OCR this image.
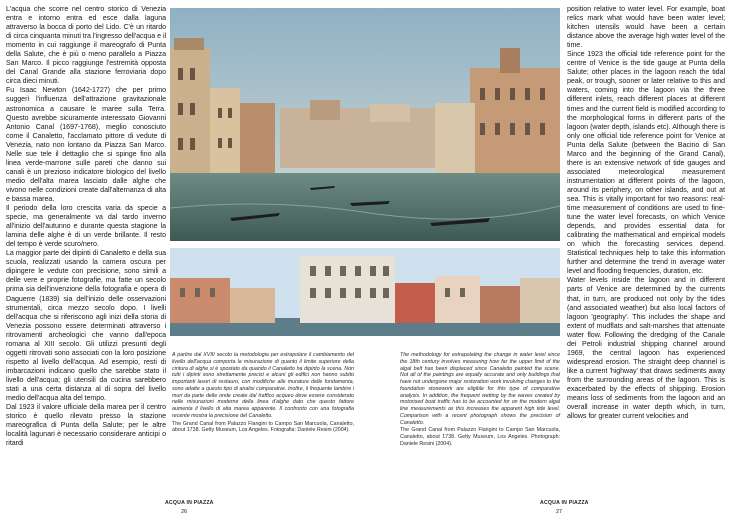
L'acqua che scorre nel centro storico di Venezia entra e intorno entra ed esce dalla laguna attraverso la bocca di porto del Lido. C'è un ritardo di circa cinquanta minuti tra l'ingresso dell'acqua e il momento in cui raggiunge il mareografo di Punta della Salute, che è più o meno parallelo a Piazza San Marco. Il picco raggiunge l'estremità opposta del Canal Grande alla stazione ferroviaria dopo circa dieci minuti.

Fu Isaac Newton (1642-1727) che per primo suggerì l'influenza dell'attrazione gravitazionale astronomica a causare le maree sulla Terra. Questo avrebbe sicuramente interessato Giovanni Antonio Canal (1697-1768), meglio conosciuto come il Canaletto, l'acclamato pittore di vedute di Venezia, nato non lontano da Piazza San Marco. Nelle sue tele il dettaglio che si spinge fino alla linea verde-marrone sulle pareti che danno sui canali è un prezioso indicatore biologico del livello medio dell'alta marea lasciato dalle alghe che vivono nelle condizioni create dall'alternanza di alta e bassa marea.

Il periodo della loro crescita varia da specie a specie, ma generalmente va dal tardo inverno all'inizio dell'autunno e durante questa stagione la lamina delle alghe è di un verde brillante. Il resto del tempo è verde scuro/nero.

La maggior parte dei dipinti di Canaletto e della sua scuola, realizzati usando la camera oscura per dipingere le vedute con precisione, sono simili a delle vere e proprie fotografie, ma fatte un secolo prima sia dell'invenzione della fotografia e opera di Daguerre (1839) sia dell'inizio delle osservazioni strumentali, circa mezzo secolo dopo. I livelli dell'acqua che si riferiscono agli inizi della storia di Venezia possono essere determinati attraverso i ritrovamenti archeologici che vanno dall'epoca romana al XIII secolo. Gli utilizzi presunti degli oggetti ritrovati sono associati con la loro posizione rispetto al livello dell'acqua. Ad esempio, resti di imbarcazioni indicano quello che sarebbe stato il livello dell'acqua; gli utensili da cucina sarebbero stati a una certa distanza al di sopra del livello medio dell'acqua alta del tempo.

Dal 1923 il valore ufficiale della marea per il centro storico è quello rilevato presso la stazione mareografica di Punta della Salute; per le altre località lagunari è necessario considerare anticipi o ritardi

A partire dal XVIII secolo la metodologia per estrapolare il cambiamento del livello dell'acqua comporta la misurazione di quanto il limite superiore della cintura di alghe si è spostato da quando il Canaletto ha dipinto la scena. Non tutti i dipinti sono strettamente precisi e alcuni gli edifici non hanno subito importanti lavori di restauro, con modifiche alle murature delle fondamenta, sono adatte a questo tipo di analisi comparative. Inoltre, il frequente lambire i muri da parte delle onde create dal traffico acqueo deve essere considerato nelle misurazioni moderne della linea d'alghe dato che questo fattore aumenta il livello di alta marea apparente. Il confronto con una fotografia recente mostra la precisione del Canaletto.

The Grand Canal from Palazzo Flangini to Campo San Marcuola, Canaletto, about 1738. Getty Museum, Los Angeles. Fotografia: Daniele Resini (2004).

The methodology for extrapolating the change in water level since the 18th century involves measuring how far the upper limit of the algal belt has been displaced since Canaletto painted the scene. Not all of the paintings are equally accurate and only buildings that have not undergone major restoration work involving changes to the foundation stonework are eligible for this type of comparative analysis. In addition, the frequent wetting by the waves created by motorised boat traffic has to be accounted for on the modern algal line measurements as this increases the apparent high tide level. Comparison with a recent photograph shows the precision of Canaletto.

The Grand Canal from Palazzo Flangini to Campo San Marcuola, Canaletto, about 1738. Getty Museum, Los Angeles. Photograph: Daniele Resini (2004).

position relative to water level. For example, boat relics mark what would have been water level; kitchen utensils would have been a certain distance above the average high water level of the time.

Since 1923 the official tide reference point for the centre of Venice is the tide gauge at Punta della Salute; other places in the lagoon reach the tidal peak, or trough, sooner or later relative to this and waters, coming into the lagoon via the three different inlets, reach different places at different times and the current field is modified according to the morphological forms in different parts of the lagoon (water depth, islands etc). Although there is only one official tide reference point for Venice at Punta della Salute (between the Bacino di San Marco and the beginning of the Grand Canal), there is an extensive network of tide gauges and associated meteorological measurement instrumentation at different points of the lagoon, around its periphery, on other islands, and out at sea. This is vitally important for two reasons: real-time measurement of conditions are used to fine-tune the water level forecasts, on which Venice depends, and provides essential data for calibrating the mathematical and empirical models on which the forecasting services depend. Statistical techniques help to take this information further and determine the trend in average water level and flooding frequencies, duration, etc.

Water levels inside the lagoon and in different parts of Venice are determined by the currents that, in turn, are produced not only by the tides (and associated weather) but also local factors of lagoon 'geography'. This includes the shape and extent of mudflats and salt-marshes that attenuate water flow. Following the dredging of the Canale dei Petroli industrial shipping channel around 1969, the central lagoon has experienced widespread erosion. The straight deep channel is like a current 'highway' that draws sediments away from the surrounding areas of the lagoon. This is exacerbated by the effects of shipping. Erosion means loss of sediments from the lagoon and an overall increase in water depth which, in turn, allows for greater current velocities and

ACQUA IN PIAZZA
26
ACQUA IN PIAZZA
27
